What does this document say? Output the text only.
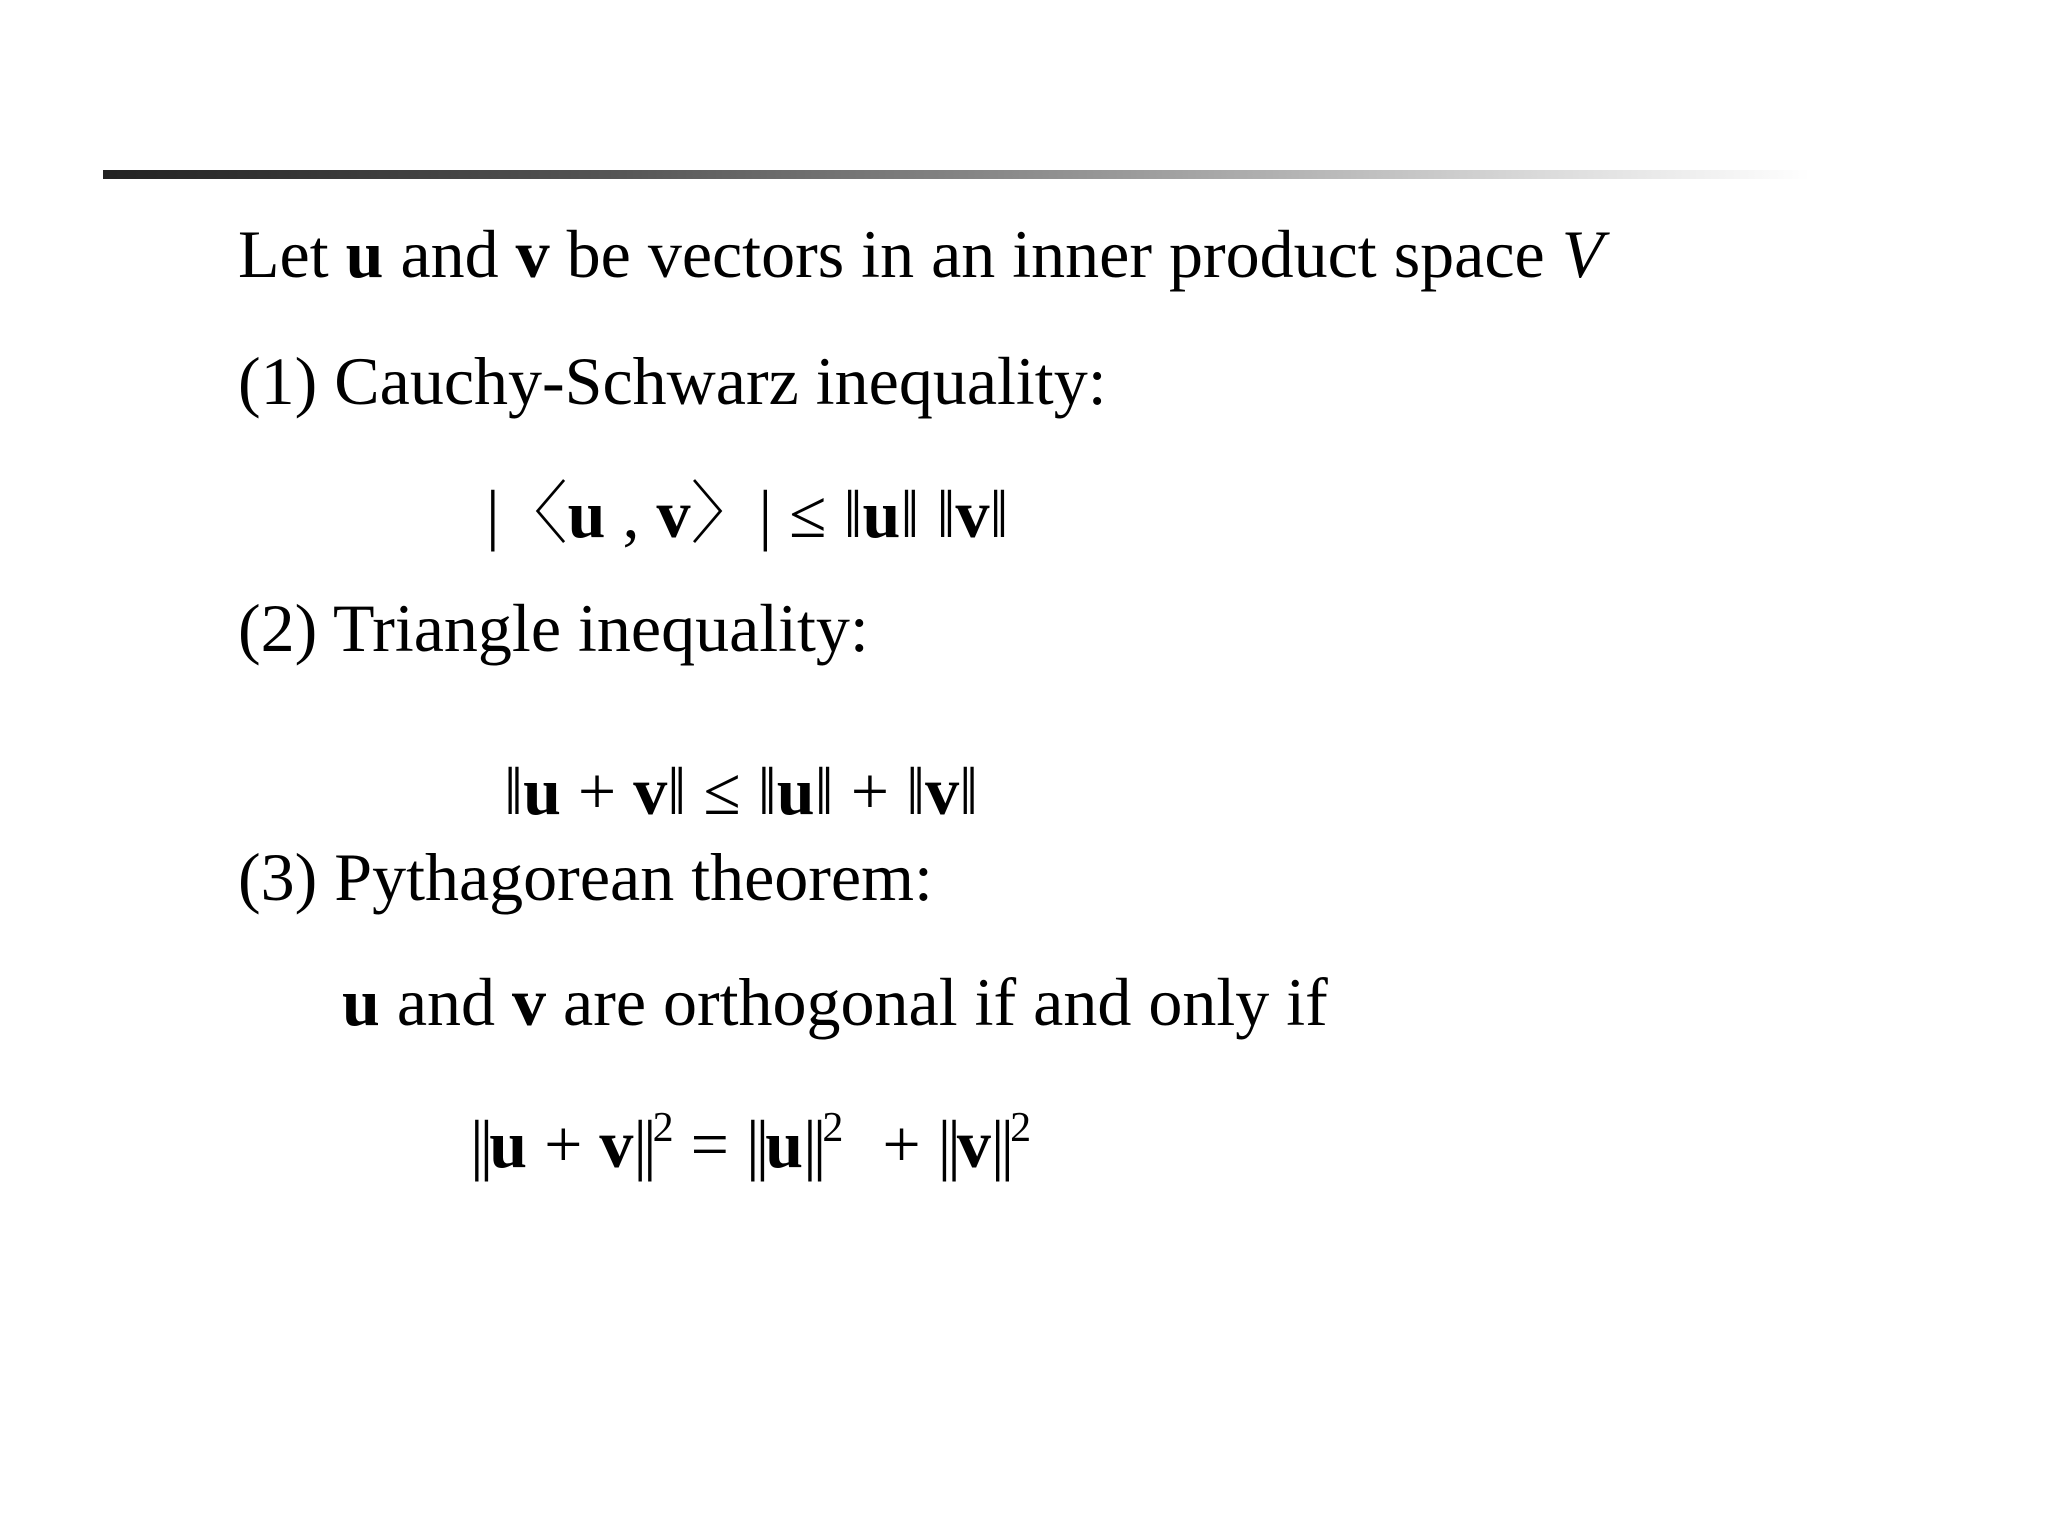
Let u and v be vectors in an inner product space V
(1) Cauchy-Schwarz inequality:
|〈u , v〉| ≤ ‖u‖ ‖v‖
(2) Triangle inequality:
‖u + v‖ ≤ ‖u‖ + ‖v‖
(3) Pythagorean theorem:
u and v are orthogonal if and only if
$||u + v||^2 = ||u||^2 + ||v||^2$
